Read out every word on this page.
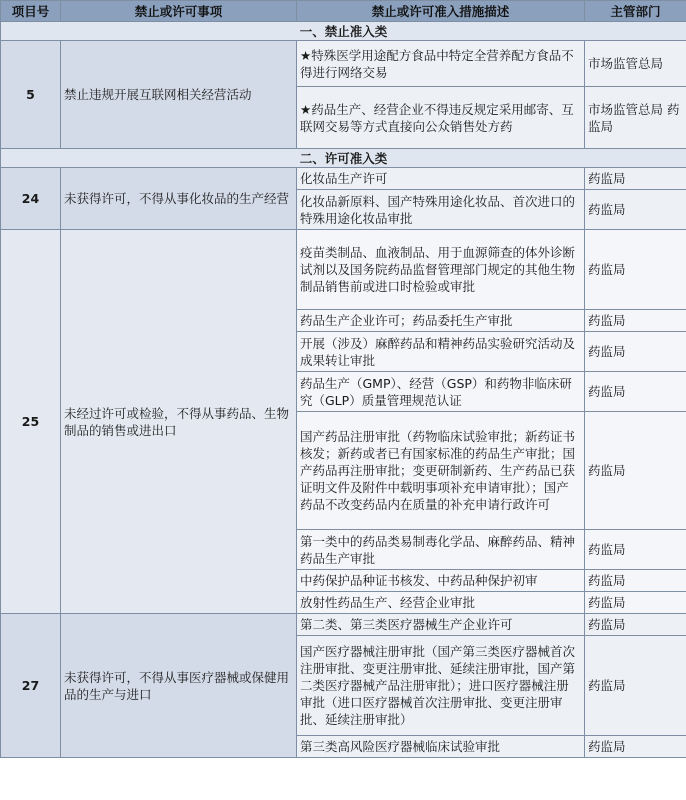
项目号	禁止或许可事项	禁止或许可准入措施描述	主管部门
一、禁止准入类			
5	禁止违规开展互联网相关经营活动	★特殊医学用途配方食品中特定全营养配方食品不得进行网络交易	市场监管总局
		★药品生产、经营企业不得违反规定采用邮寄、互联网交易等方式直接向公众销售处方药	市场监管总局 药监局
二、许可准入类			
24	未获得许可，不得从事化妆品的生产经营	化妆品生产许可	药监局
		化妆品新原料、国产特殊用途化妆品、首次进口的特殊用途化妆品审批	药监局
25	未经过许可或检验，不得从事药品、生物制品的销售或进出口	疫苗类制品、血液制品、用于血源筛查的体外诊断试剂以及国务院药品监督管理部门规定的其他生物制品销售前或进口时检验或审批	药监局
		药品生产企业许可；药品委托生产审批	药监局
		开展（涉及）麻醉药品和精神药品实验研究活动及成果转让审批	药监局
		药品生产（GMP）、经营（GSP）和药物非临床研究（GLP）质量管理规范认证	药监局
		国产药品注册审批（药物临床试验审批；新药证书核发；新药或者已有国家标准的药品生产审批；国产药品再注册审批；变更研制新药、生产药品已获证明文件及附件中载明事项补充申请审批）；国产药品不改变药品内在质量的补充申请行政许可	药监局
		第一类中的药品类易制毒化学品、麻醉药品、精神药品生产审批	药监局
		中药保护品种证书核发、中药品种保护初审	药监局
		放射性药品生产、经营企业审批	药监局
27	未获得许可，不得从事医疗器械或保健用品的生产与进口	第二类、第三类医疗器械生产企业许可	药监局
		国产医疗器械注册审批（国产第三类医疗器械首次注册审批、变更注册审批、延续注册审批，国产第二类医疗器械产品注册审批）；进口医疗器械注册审批（进口医疗器械首次注册审批、变更注册审批、延续注册审批）	药监局
		第三类高风险医疗器械临床试验审批	药监局
